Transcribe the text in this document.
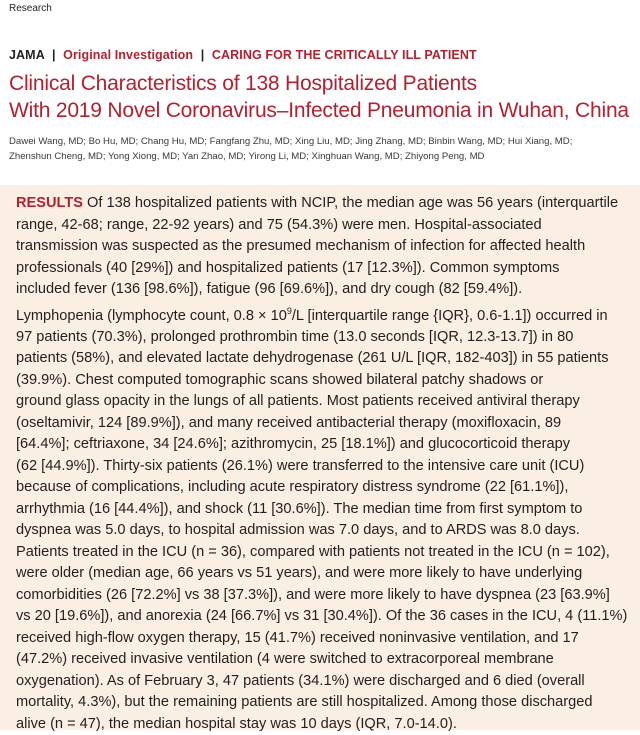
Research
JAMA | Original Investigation | CARING FOR THE CRITICALLY ILL PATIENT
Clinical Characteristics of 138 Hospitalized Patients
With 2019 Novel Coronavirus–Infected Pneumonia in Wuhan, China
Dawei Wang, MD; Bo Hu, MD; Chang Hu, MD; Fangfang Zhu, MD; Xing Liu, MD; Jing Zhang, MD; Binbin Wang, MD; Hui Xiang, MD;
Zhenshun Cheng, MD; Yong Xiong, MD; Yan Zhao, MD; Yirong Li, MD; Xinghuan Wang, MD; Zhiyong Peng, MD
RESULTS Of 138 hospitalized patients with NCIP, the median age was 56 years (interquartile
range, 42-68; range, 22-92 years) and 75 (54.3%) were men. Hospital-associated
transmission was suspected as the presumed mechanism of infection for affected health
professionals (40 [29%]) and hospitalized patients (17 [12.3%]). Common symptoms
included fever (136 [98.6%]), fatigue (96 [69.6%]), and dry cough (82 [59.4%]).
Lymphopenia (lymphocyte count, $0.8 \times 10^9/L$ [interquartile range {IQR}, 0.6-1.1]) occurred in
97 patients (70.3%), prolonged prothrombin time (13.0 seconds [IQR, 12.3-13.7]) in 80
patients (58%), and elevated lactate dehydrogenase (261 U/L [IQR, 182-403]) in 55 patients
(39.9%). Chest computed tomographic scans showed bilateral patchy shadows or
ground glass opacity in the lungs of all patients. Most patients received antiviral therapy
(oseltamivir, 124 [89.9%]), and many received antibacterial therapy (moxifloxacin, 89
[64.4%]; ceftriaxone, 34 [24.6%]; azithromycin, 25 [18.1%]) and glucocorticoid therapy
(62 [44.9%]). Thirty-six patients (26.1%) were transferred to the intensive care unit (ICU)
because of complications, including acute respiratory distress syndrome (22 [61.1%]),
arrhythmia (16 [44.4%]), and shock (11 [30.6%]). The median time from first symptom to
dyspnea was 5.0 days, to hospital admission was 7.0 days, and to ARDS was 8.0 days.
Patients treated in the ICU (n = 36), compared with patients not treated in the ICU (n = 102),
were older (median age, 66 years vs 51 years), and were more likely to have underlying
comorbidities (26 [72.2%] vs 38 [37.3%]), and were more likely to have dyspnea (23 [63.9%]
vs 20 [19.6%]), and anorexia (24 [66.7%] vs 31 [30.4%]). Of the 36 cases in the ICU, 4 (11.1%)
received high-flow oxygen therapy, 15 (41.7%) received noninvasive ventilation, and 17
(47.2%) received invasive ventilation (4 were switched to extracorporeal membrane
oxygenation). As of February 3, 47 patients (34.1%) were discharged and 6 died (overall
mortality, 4.3%), but the remaining patients are still hospitalized. Among those discharged
alive (n = 47), the median hospital stay was 10 days (IQR, 7.0-14.0).
